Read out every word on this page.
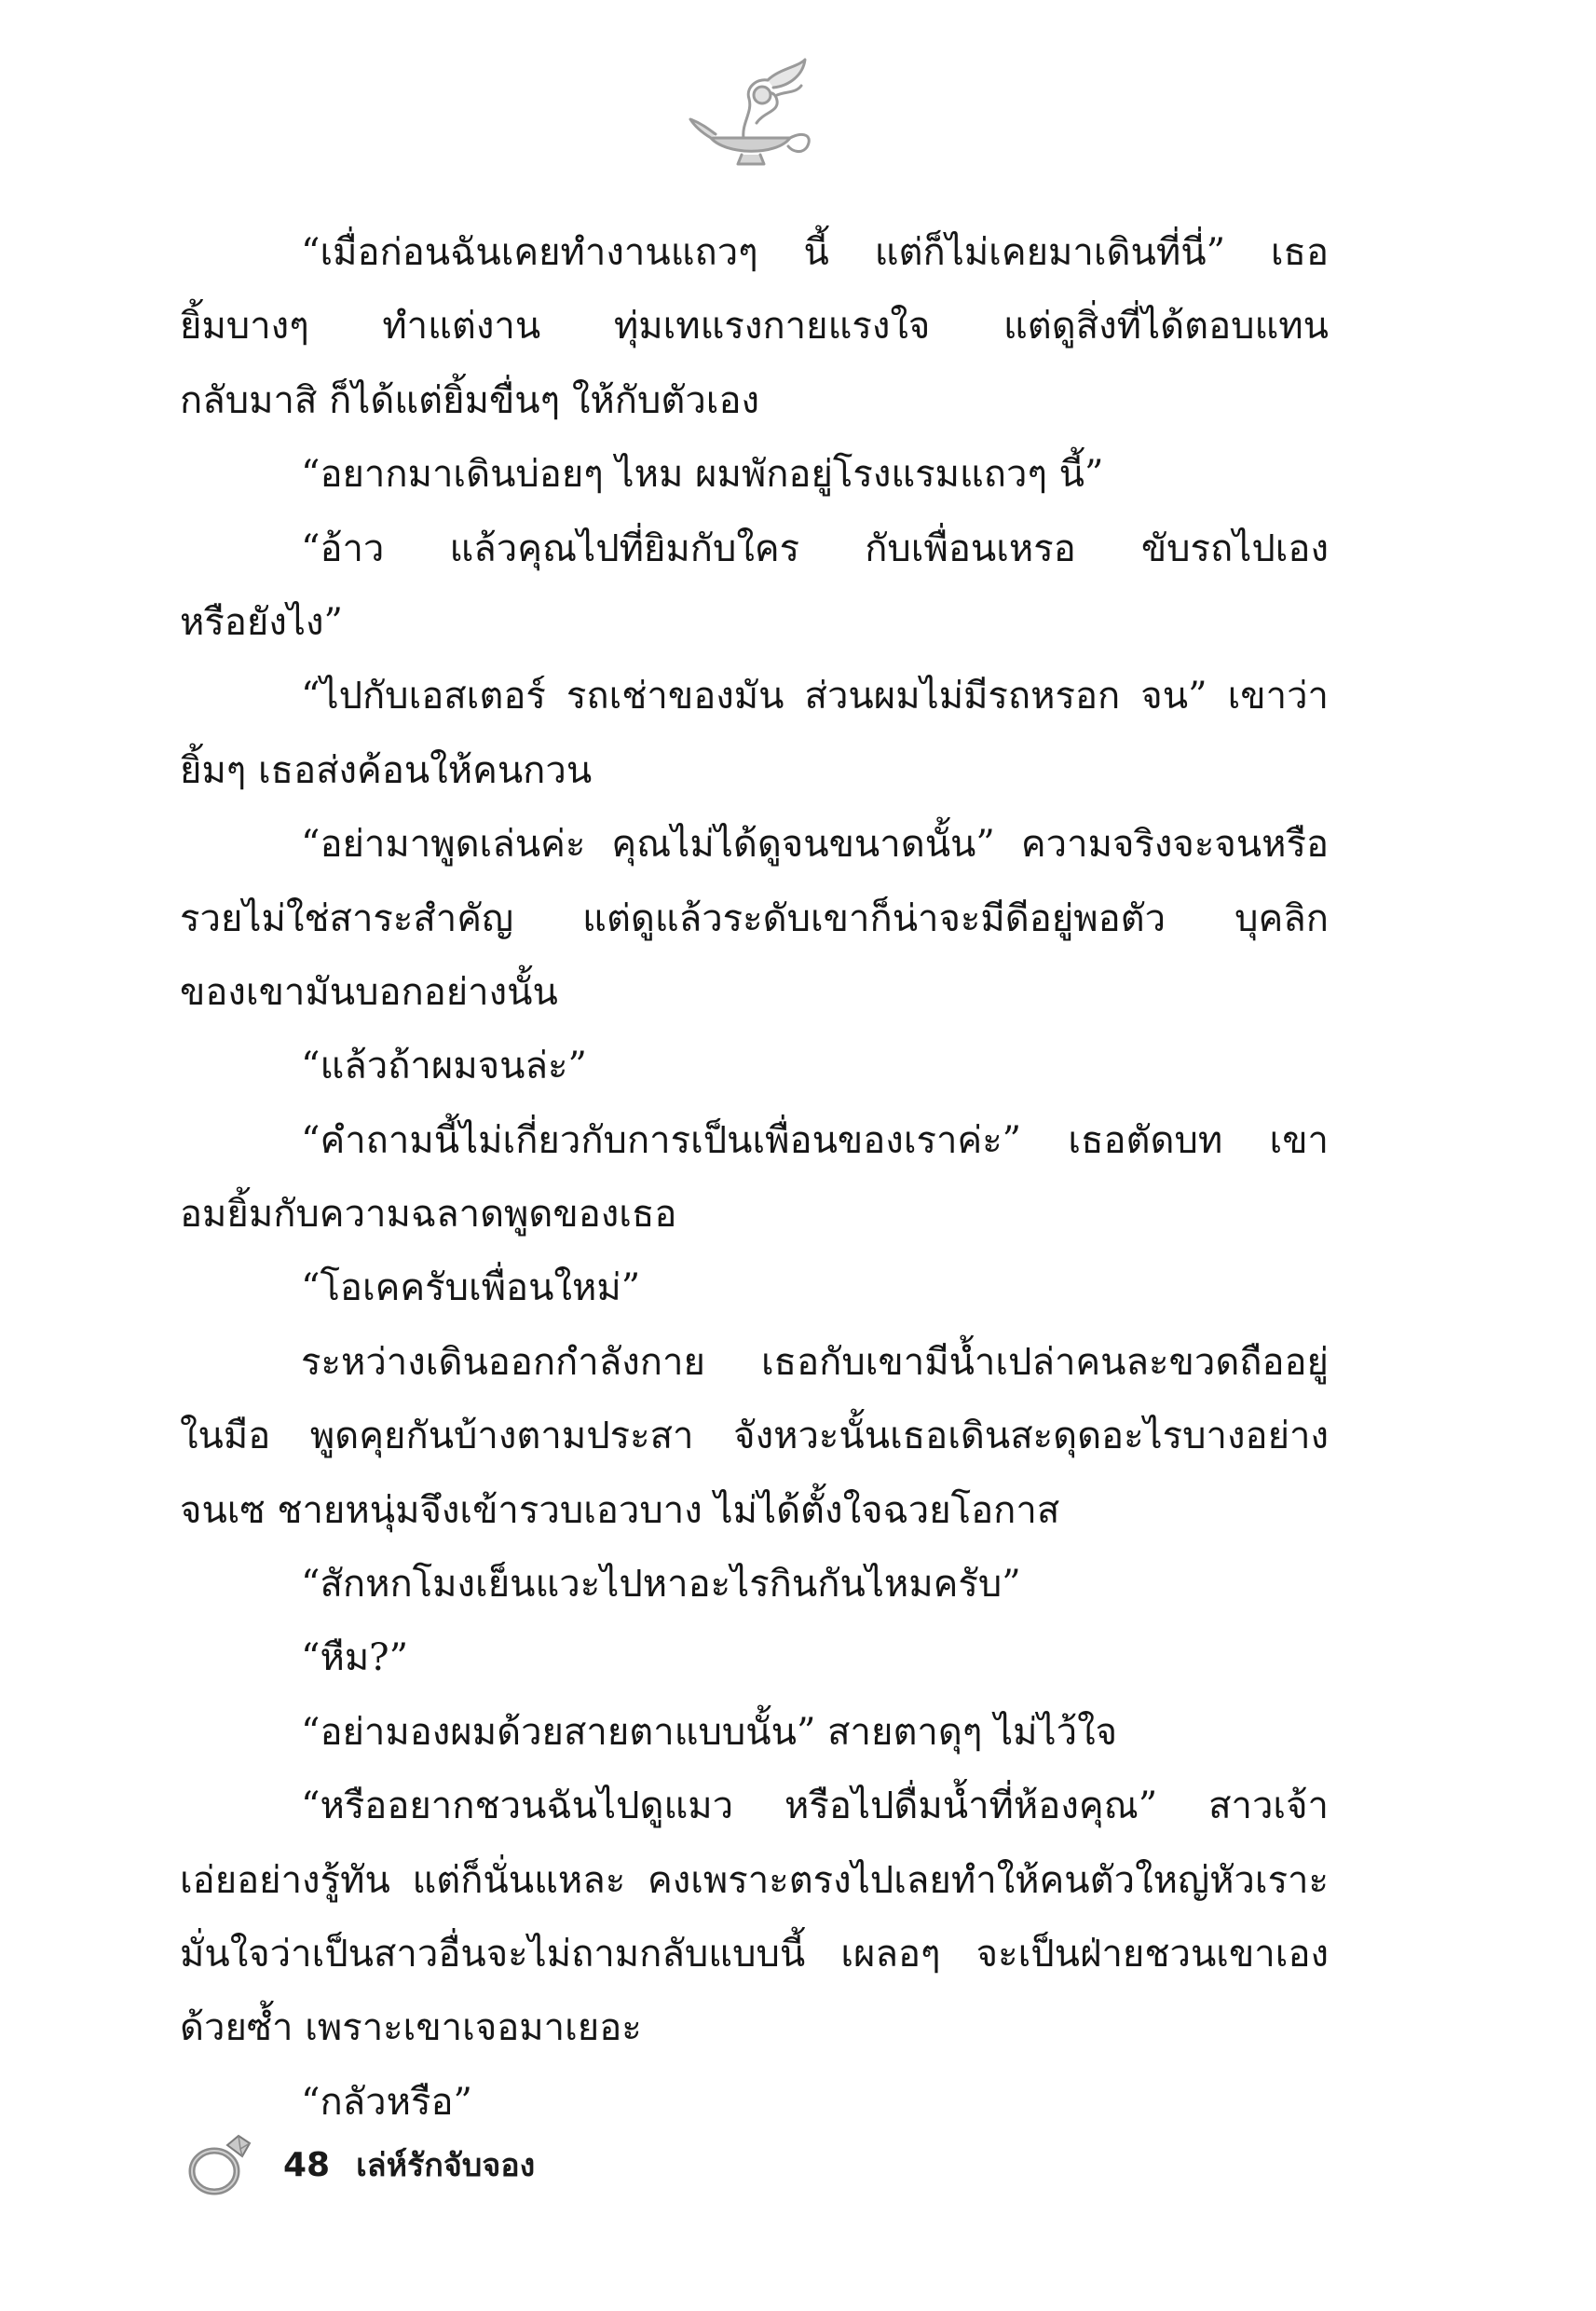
“เมื่อก่อนฉันเคยทำงานแถวๆ นี้ แต่ก็ไม่เคยมาเดินที่นี่” เธอ
ยิ้มบางๆ ทำแต่งาน ทุ่มเทแรงกายแรงใจ แต่ดูสิ่งที่ได้ตอบแทน
กลับมาสิ ก็ได้แต่ยิ้มขื่นๆ ให้กับตัวเอง
“อยากมาเดินบ่อยๆ ไหม ผมพักอยู่โรงแรมแถวๆ นี้”
“อ้าว แล้วคุณไปที่ยิมกับใคร กับเพื่อนเหรอ ขับรถไปเอง
หรือยังไง”
“ไปกับเอสเตอร์ รถเช่าของมัน ส่วนผมไม่มีรถหรอก จน” เขาว่า
ยิ้มๆ เธอส่งค้อนให้คนกวน
“อย่ามาพูดเล่นค่ะ คุณไม่ได้ดูจนขนาดนั้น” ความจริงจะจนหรือ
รวยไม่ใช่สาระสำคัญ แต่ดูแล้วระดับเขาก็น่าจะมีดีอยู่พอตัว บุคลิก
ของเขามันบอกอย่างนั้น
“แล้วถ้าผมจนล่ะ”
“คำถามนี้ไม่เกี่ยวกับการเป็นเพื่อนของเราค่ะ” เธอตัดบท เขา
อมยิ้มกับความฉลาดพูดของเธอ
“โอเคครับเพื่อนใหม่”
ระหว่างเดินออกกำลังกาย เธอกับเขามีน้ำเปล่าคนละขวดถืออยู่
ในมือ พูดคุยกันบ้างตามประสา จังหวะนั้นเธอเดินสะดุดอะไรบางอย่าง
จนเซ ชายหนุ่มจึงเข้ารวบเอวบาง ไม่ได้ตั้งใจฉวยโอกาส
“สักหกโมงเย็นแวะไปหาอะไรกินกันไหมครับ”
“หืม?”
“อย่ามองผมด้วยสายตาแบบนั้น” สายตาดุๆ ไม่ไว้ใจ
“หรืออยากชวนฉันไปดูแมว หรือไปดื่มน้ำที่ห้องคุณ” สาวเจ้า
เอ่ยอย่างรู้ทัน แต่ก็นั่นแหละ คงเพราะตรงไปเลยทำให้คนตัวใหญ่หัวเราะ
มั่นใจว่าเป็นสาวอื่นจะไม่ถามกลับแบบนี้ เผลอๆ จะเป็นฝ่ายชวนเขาเอง
ด้วยซ้ำ เพราะเขาเจอมาเยอะ
“กลัวหรือ”
48 เล่ห์รักจับจอง
